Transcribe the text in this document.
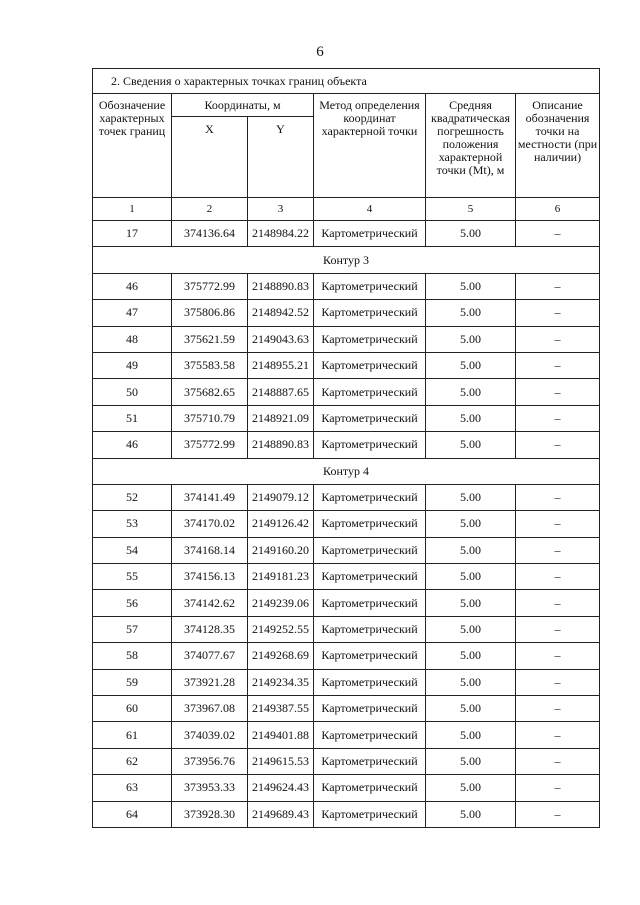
6
2. Сведения о характерных точках границ объекта					
Обозначение характерных точек границ	Координаты, м		Метод определения координат характерной точки	Средняя квадратическая погрешность положения характерной точки (Mt), м	Описание обозначения точки на местности (при наличии)
	X	Y			
1	2	3	4	5	6
17	374136.64	2148984.22	Картометрический	5.00	–
Контур 3					
46	375772.99	2148890.83	Картометрический	5.00	–
47	375806.86	2148942.52	Картометрический	5.00	–
48	375621.59	2149043.63	Картометрический	5.00	–
49	375583.58	2148955.21	Картометрический	5.00	–
50	375682.65	2148887.65	Картометрический	5.00	–
51	375710.79	2148921.09	Картометрический	5.00	–
46	375772.99	2148890.83	Картометрический	5.00	–
Контур 4					
52	374141.49	2149079.12	Картометрический	5.00	–
53	374170.02	2149126.42	Картометрический	5.00	–
54	374168.14	2149160.20	Картометрический	5.00	–
55	374156.13	2149181.23	Картометрический	5.00	–
56	374142.62	2149239.06	Картометрический	5.00	–
57	374128.35	2149252.55	Картометрический	5.00	–
58	374077.67	2149268.69	Картометрический	5.00	–
59	373921.28	2149234.35	Картометрический	5.00	–
60	373967.08	2149387.55	Картометрический	5.00	–
61	374039.02	2149401.88	Картометрический	5.00	–
62	373956.76	2149615.53	Картометрический	5.00	–
63	373953.33	2149624.43	Картометрический	5.00	–
64	373928.30	2149689.43	Картометрический	5.00	–
